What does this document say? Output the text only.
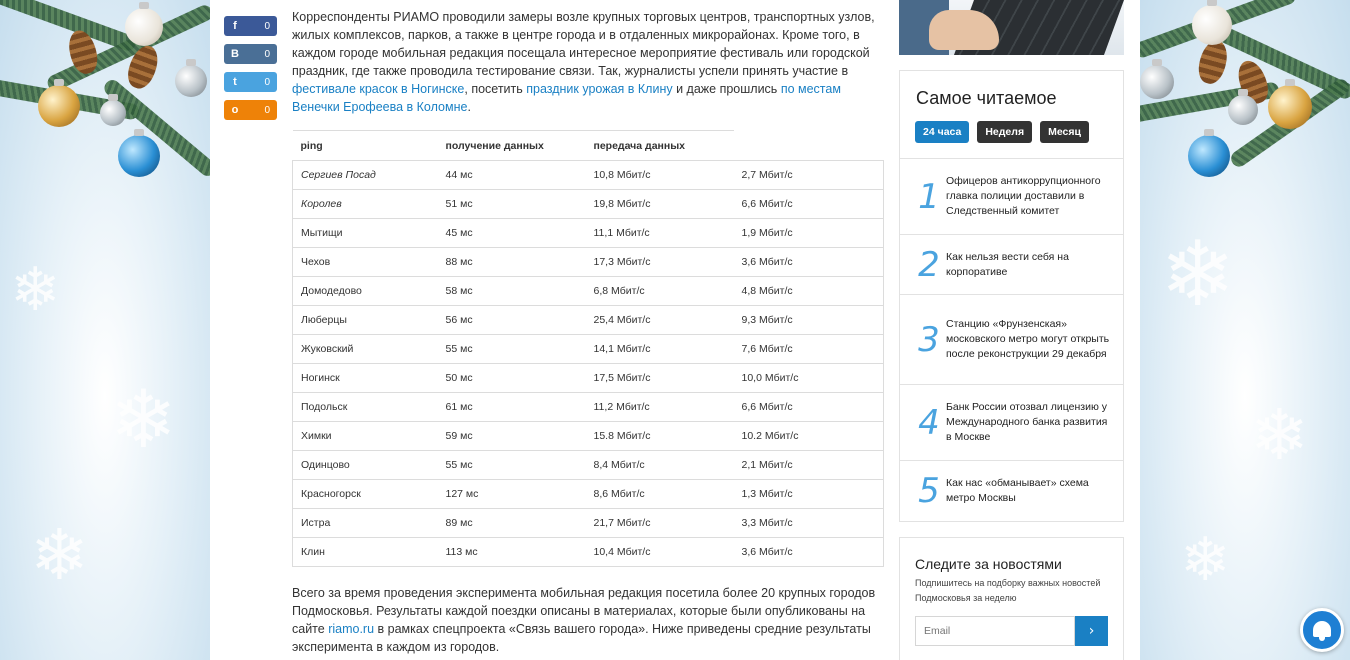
❄
❄
❄
❄
❄
❄
f	0
B	0
t	0
o	0

Корреспонденты РИАМО проводили замеры возле крупных торговых центров, транспортных узлов, жилых комплексов, парков, а также в центре города и в отдаленных микрорайонах. Кроме того, в каждом городе мобильная редакция посещала интересное мероприятие фестиваль или городской праздник, где также проводила тестирование связи. Так, журналисты успели принять участие в фестивале красок в Ногинске, посетить праздник урожая в Клину и даже прошлись по местам Венечки Ерофеева в Коломне.

ping	получение данных	передача данных	
Сергиев Посад	44 мс	10,8 Мбит/с	2,7 Мбит/с
Королев	51 мс	19,8 Мбит/с	6,6 Мбит/с
Мытищи	45 мс	11,1 Мбит/с	1,9 Мбит/с
Чехов	88 мс	17,3 Мбит/с	3,6 Мбит/с
Домодедово	58 мс	6,8 Мбит/с	4,8 Мбит/с
Люберцы	56 мс	25,4 Мбит/с	9,3 Мбит/с
Жуковский	55 мс	14,1 Мбит/с	7,6 Мбит/с
Ногинск	50 мс	17,5 Мбит/с	10,0 Мбит/с
Подольск	61 мс	11,2 Мбит/с	6,6 Мбит/с
Химки	59 мс	15.8 Мбит/с	10.2 Мбит/с
Одинцово	55 мс	8,4 Мбит/с	2,1 Мбит/с
Красногорск	127 мс	8,6 Мбит/с	1,3 Мбит/с
Истра	89 мс	21,7 Мбит/с	3,3 Мбит/с
Клин	113 мс	10,4 Мбит/с	3,6 Мбит/с

Всего за время проведения эксперимента мобильная редакция посетила более 20 крупных городов Подмосковья. Результаты каждой поездки описаны в материалах, которые были опубликованы на сайте riamo.ru в рамках спецпроекта «Связь вашего города». Ниже приведены средние результаты эксперимента в каждом из городов.

Самое читаемое
24 часа	Неделя	Месяц
1 Офицеров антикоррупционного главка полиции доставили в Следственный комитет
2 Как нельзя вести себя на корпоративе
3 Станцию «Фрунзенская» московского метро могут открыть после реконструкции 29 декабря
4 Банк России отозвал лицензию у Международного банка развития в Москве
5 Как нас «обманывает» схема метро Москвы
Следите за новостями
Подпишитесь на подборку важных новостей Подмосковья за неделю
Email
›
